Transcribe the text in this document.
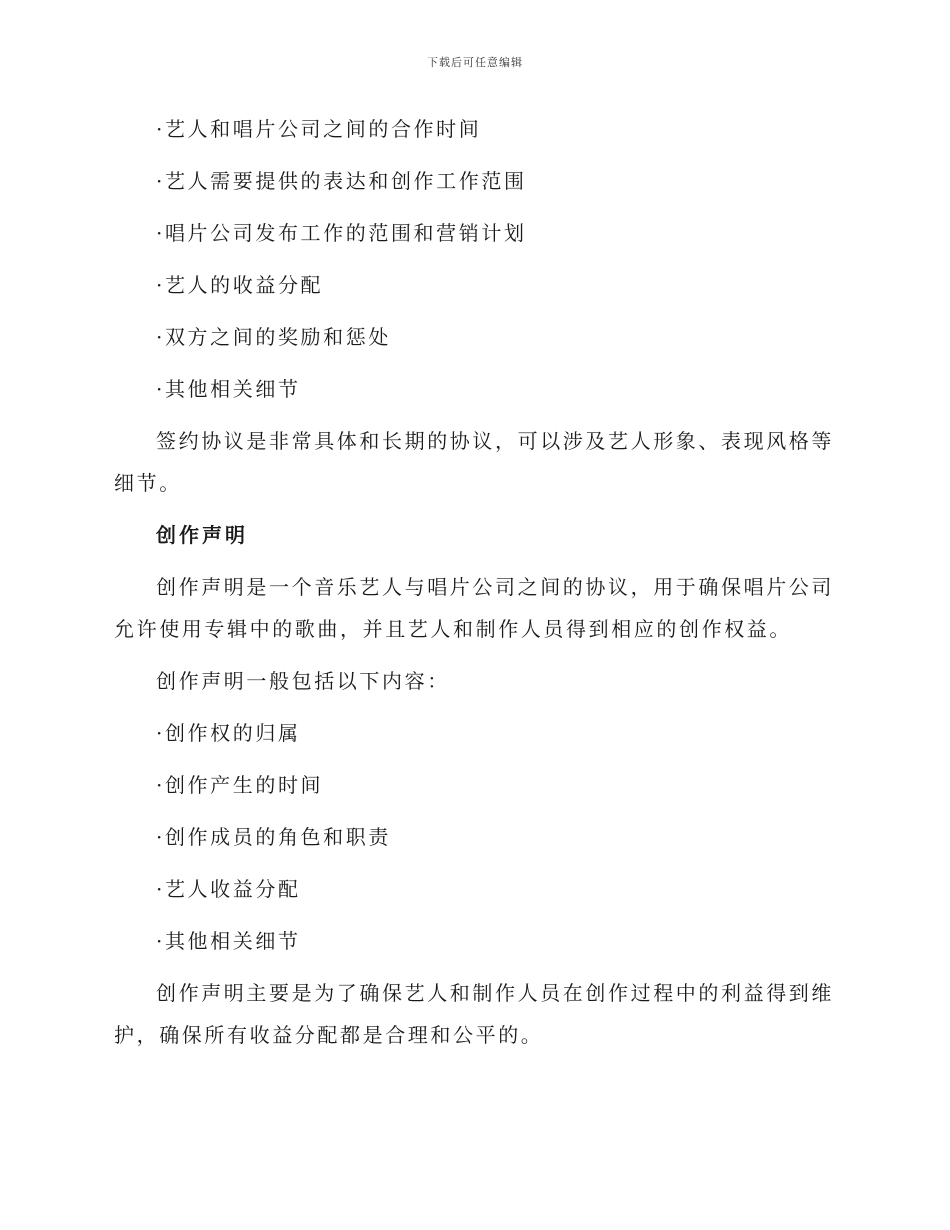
下载后可任意编辑
·艺人和唱片公司之间的合作时间
·艺人需要提供的表达和创作工作范围
·唱片公司发布工作的范围和营销计划
·艺人的收益分配
·双方之间的奖励和惩处
·其他相关细节
签约协议是非常具体和长期的协议，可以涉及艺人形象、表现风格等细节。
创作声明
创作声明是一个音乐艺人与唱片公司之间的协议，用于确保唱片公司允许使用专辑中的歌曲，并且艺人和制作人员得到相应的创作权益。
创作声明一般包括以下内容：
·创作权的归属
·创作产生的时间
·创作成员的角色和职责
·艺人收益分配
·其他相关细节
创作声明主要是为了确保艺人和制作人员在创作过程中的利益得到维护，确保所有收益分配都是合理和公平的。
